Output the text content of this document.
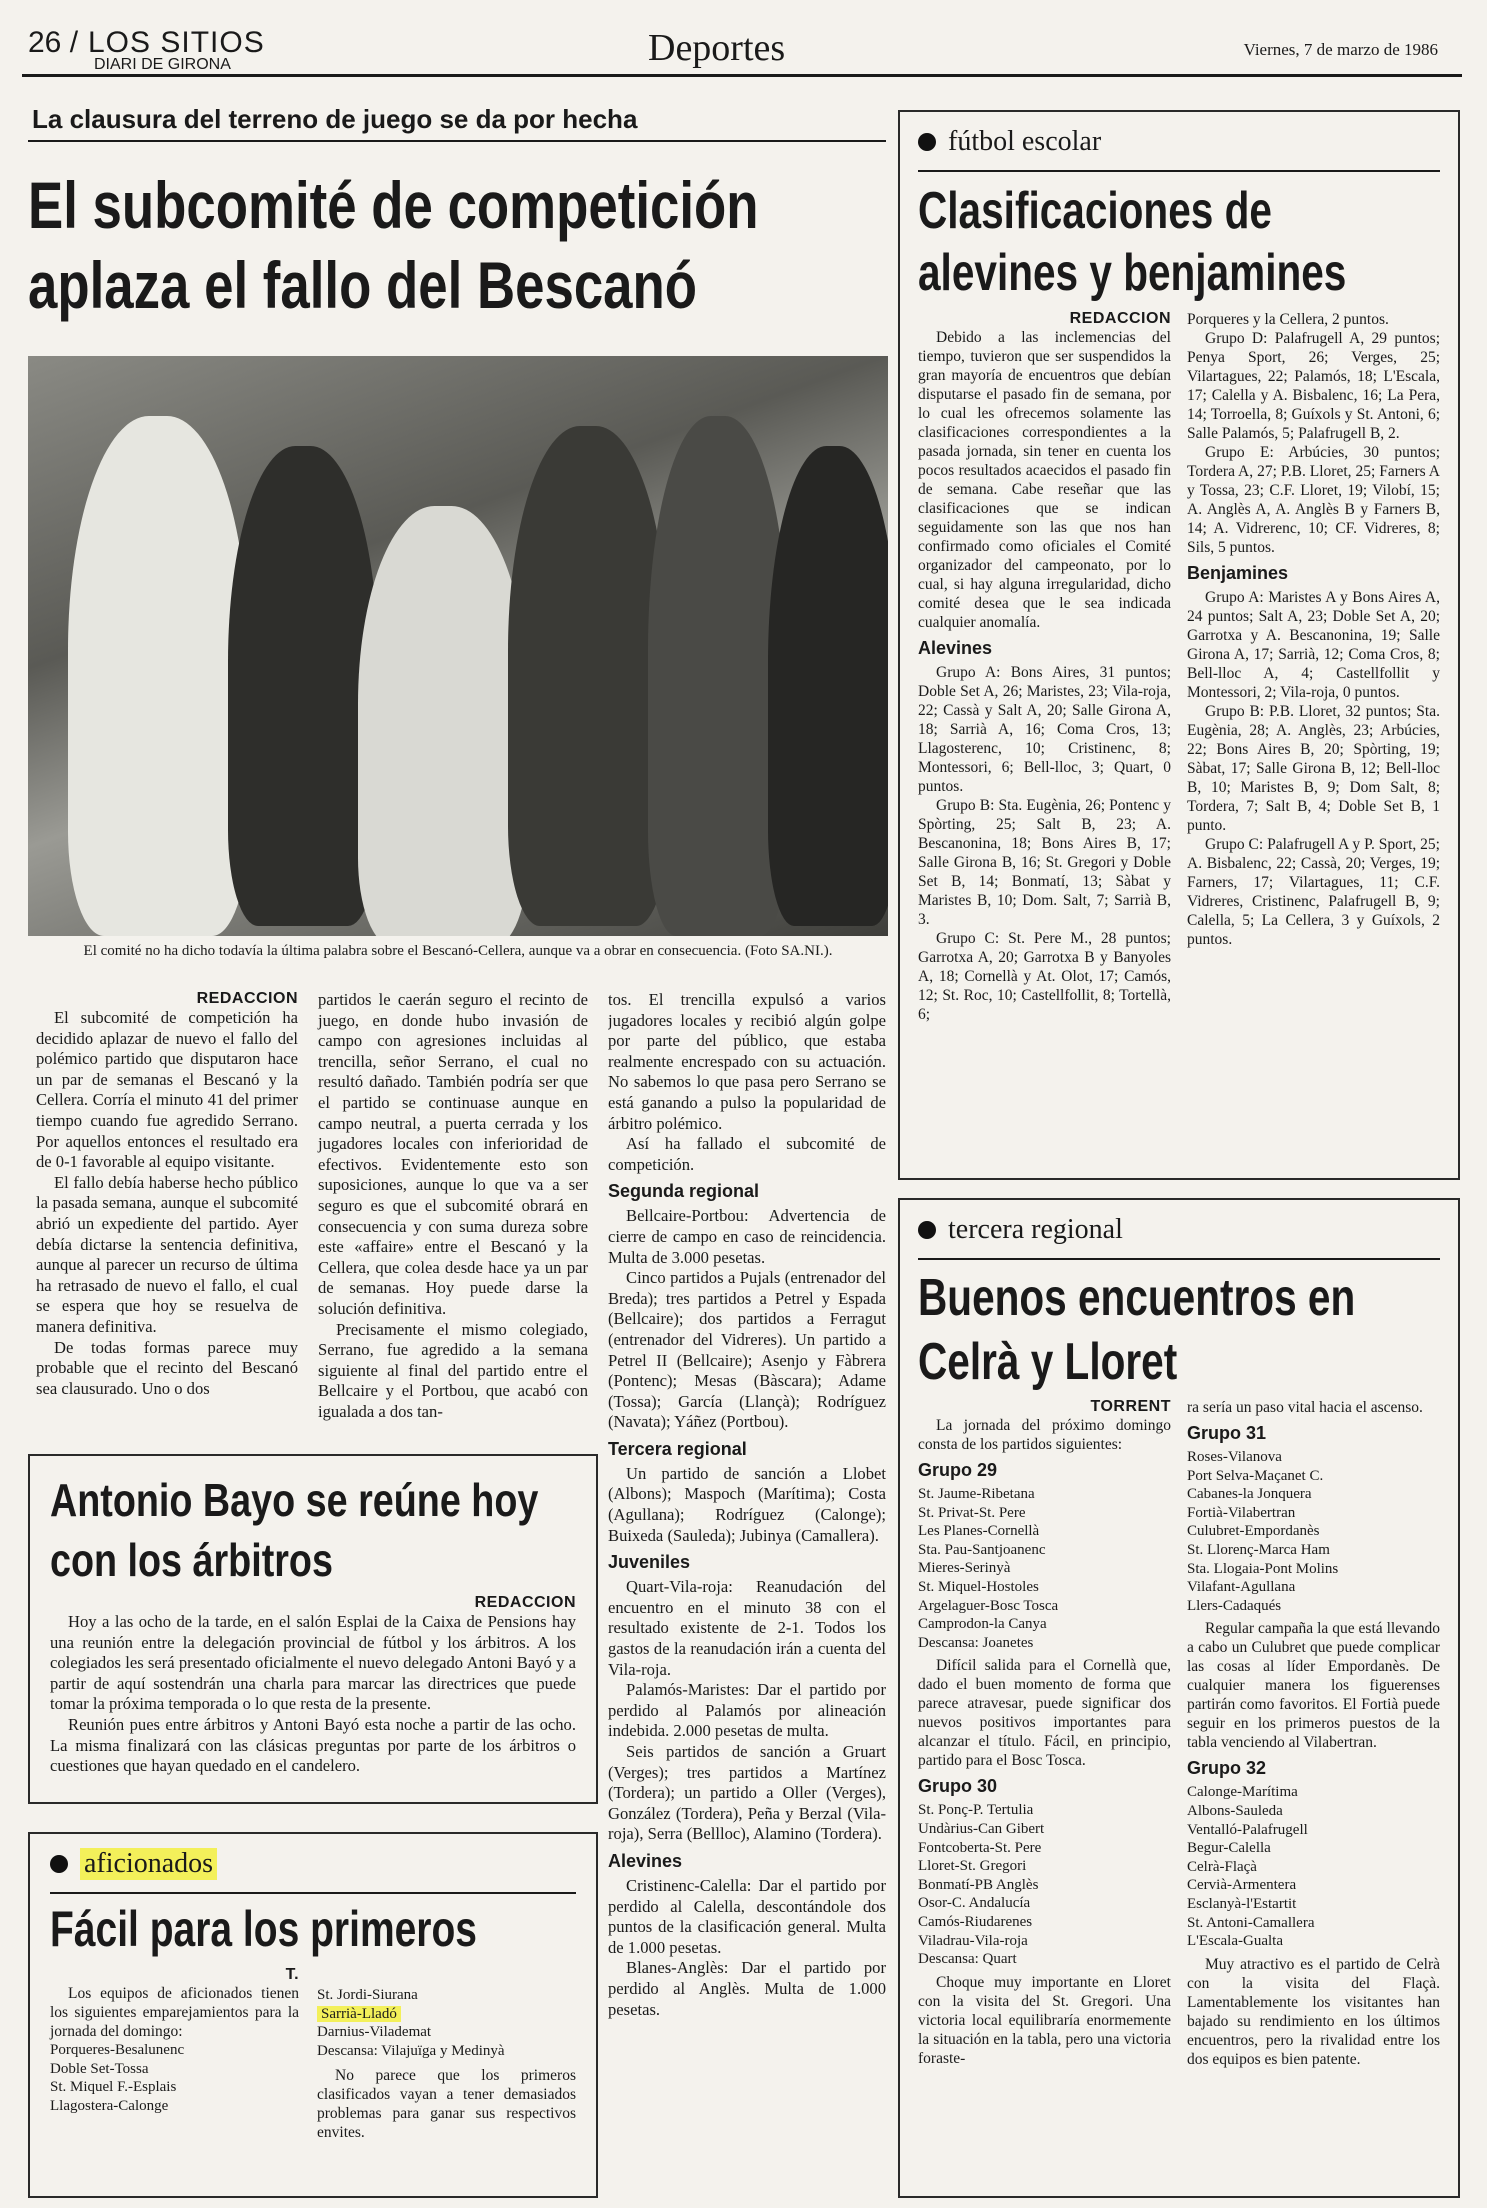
26 / LOS SITIOS
DIARI DE GIRONA	Deportes	Viernes, 7 de marzo de 1986
La clausura del terreno de juego se da por hecha
El subcomité de competición
aplaza el fallo del Bescanó
El comité no ha dicho todavía la última palabra sobre el Bescanó-Cellera, aunque va a obrar en consecuencia. (Foto SA.NI.).
REDACCION

El subcomité de competición ha decidido aplazar de nuevo el fallo del polémico partido que disputaron hace un par de semanas el Bescanó y la Cellera. Corría el minuto 41 del primer tiempo cuando fue agredido Serrano. Por aquellos entonces el resultado era de 0-1 favorable al equipo visitante.

El fallo debía haberse hecho público la pasada semana, aunque el subcomité abrió un expediente del partido. Ayer debía dictarse la sentencia definitiva, aunque al parecer un recurso de última ha retrasado de nuevo el fallo, el cual se espera que hoy se resuelva de manera definitiva.

De todas formas parece muy probable que el recinto del Bescanó sea clausurado. Uno o dos

partidos le caerán seguro el recinto de juego, en donde hubo invasión de campo con agresiones incluidas al trencilla, señor Serrano, el cual no resultó dañado. También podría ser que el partido se continuase aunque en campo neutral, a puerta cerrada y los jugadores locales con inferioridad de efectivos. Evidentemente esto son suposiciones, aunque lo que va a ser seguro es que el subcomité obrará en consecuencia y con suma dureza sobre este «affaire» entre el Bescanó y la Cellera, que colea desde hace ya un par de semanas. Hoy puede darse la solución definitiva.

Precisamente el mismo colegiado, Serrano, fue agredido a la semana siguiente al final del partido entre el Bellcaire y el Portbou, que acabó con igualada a dos tan-

tos. El trencilla expulsó a varios jugadores locales y recibió algún golpe por parte del público, que estaba realmente encrespado con su actuación. No sabemos lo que pasa pero Serrano se está ganando a pulso la popularidad de árbitro polémico.

Así ha fallado el subcomité de competición.

Segunda regional

Bellcaire-Portbou: Advertencia de cierre de campo en caso de reincidencia. Multa de 3.000 pesetas.

Cinco partidos a Pujals (entrenador del Breda); tres partidos a Petrel y Espada (Bellcaire); dos partidos a Ferragut (entrenador del Vidreres). Un partido a Petrel II (Bellcaire); Asenjo y Fàbrera (Pontenc); Mesas (Bàscara); Adame (Tossa); García (Llançà); Rodríguez (Navata); Yáñez (Portbou).

Tercera regional

Un partido de sanción a Llobet (Albons); Maspoch (Marítima); Costa (Agullana); Rodríguez (Calonge); Buixeda (Sauleda); Jubinya (Camallera).

Juveniles

Quart-Vila-roja: Reanudación del encuentro en el minuto 38 con el resultado existente de 2-1. Todos los gastos de la reanudación irán a cuenta del Vila-roja.

Palamós-Maristes: Dar el partido por perdido al Palamós por alineación indebida. 2.000 pesetas de multa.

Seis partidos de sanción a Gruart (Verges); tres partidos a Martínez (Tordera); un partido a Oller (Verges), González (Tordera), Peña y Berzal (Vila-roja), Serra (Bellloc), Alamino (Tordera).

Alevines

Cristinenc-Calella: Dar el partido por perdido al Calella, descontándole dos puntos de la clasificación general. Multa de 1.000 pesetas.

Blanes-Anglès: Dar el partido por perdido al Anglès. Multa de 1.000 pesetas.

Antonio Bayo se reúne hoy
con los árbitros
REDACCION

Hoy a las ocho de la tarde, en el salón Esplai de la Caixa de Pensions hay una reunión entre la delegación provincial de fútbol y los árbitros. A los colegiados les será presentado oficialmente el nuevo delegado Antoni Bayó y a partir de aquí sostendrán una charla para marcar las directrices que puede tomar la próxima temporada o lo que resta de la presente.

Reunión pues entre árbitros y Antoni Bayó esta noche a partir de las ocho. La misma finalizará con las clásicas preguntas por parte de los árbitros o cuestiones que hayan quedado en el candelero.

aficionados
Fácil para los primeros
T.

Los equipos de aficionados tienen los siguientes emparejamientos para la jornada del domingo:

Porqueres-Besalunenc
Doble Set-Tossa
St. Miquel F.-Esplais
Llagostera-Calonge
St. Jordi-Siurana
Sarrià-Lladó
Darnius-Vilademat
Descansa: Vilajuïga y Medinyà

No parece que los primeros clasificados vayan a tener demasiados problemas para ganar sus respectivos envites.

fútbol escolar
Clasificaciones de
alevines y benjamines
REDACCION

Debido a las inclemencias del tiempo, tuvieron que ser suspendidos la gran mayoría de encuentros que debían disputarse el pasado fin de semana, por lo cual les ofrecemos solamente las clasificaciones correspondientes a la pasada jornada, sin tener en cuenta los pocos resultados acaecidos el pasado fin de semana. Cabe reseñar que las clasificaciones que se indican seguidamente son las que nos han confirmado como oficiales el Comité organizador del campeonato, por lo cual, si hay alguna irregularidad, dicho comité desea que le sea indicada cualquier anomalía.

Alevines

Grupo A: Bons Aires, 31 puntos; Doble Set A, 26; Maristes, 23; Vila-roja, 22; Cassà y Salt A, 20; Salle Girona A, 18; Sarrià A, 16; Coma Cros, 13; Llagosterenc, 10; Cristinenc, 8; Montessori, 6; Bell-lloc, 3; Quart, 0 puntos.

Grupo B: Sta. Eugènia, 26; Pontenc y Spòrting, 25; Salt B, 23; A. Bescanonina, 18; Bons Aires B, 17; Salle Girona B, 16; St. Gregori y Doble Set B, 14; Bonmatí, 13; Sàbat y Maristes B, 10; Dom. Salt, 7; Sarrià B, 3.

Grupo C: St. Pere M., 28 puntos; Garrotxa A, 20; Garrotxa B y Banyoles A, 18; Cornellà y At. Olot, 17; Camós, 12; St. Roc, 10; Castellfollit, 8; Tortellà, 6;

Porqueres y la Cellera, 2 puntos.

Grupo D: Palafrugell A, 29 puntos; Penya Sport, 26; Verges, 25; Vilartagues, 22; Palamós, 18; L'Escala, 17; Calella y A. Bisbalenc, 16; La Pera, 14; Torroella, 8; Guíxols y St. Antoni, 6; Salle Palamós, 5; Palafrugell B, 2.

Grupo E: Arbúcies, 30 puntos; Tordera A, 27; P.B. Lloret, 25; Farners A y Tossa, 23; C.F. Lloret, 19; Vilobí, 15; A. Anglès A, A. Anglès B y Farners B, 14; A. Vidrerenc, 10; CF. Vidreres, 8; Sils, 5 puntos.

Benjamines

Grupo A: Maristes A y Bons Aires A, 24 puntos; Salt A, 23; Doble Set A, 20; Garrotxa y A. Bescanonina, 19; Salle Girona A, 17; Sarrià, 12; Coma Cros, 8; Bell-lloc A, 4; Castellfollit y Montessori, 2; Vila-roja, 0 puntos.

Grupo B: P.B. Lloret, 32 puntos; Sta. Eugènia, 28; A. Anglès, 23; Arbúcies, 22; Bons Aires B, 20; Spòrting, 19; Sàbat, 17; Salle Girona B, 12; Bell-lloc B, 10; Maristes B, 9; Dom Salt, 8; Tordera, 7; Salt B, 4; Doble Set B, 1 punto.

Grupo C: Palafrugell A y P. Sport, 25; A. Bisbalenc, 22; Cassà, 20; Verges, 19; Farners, 17; Vilartagues, 11; C.F. Vidreres, Cristinenc, Palafrugell B, 9; Calella, 5; La Cellera, 3 y Guíxols, 2 puntos.

tercera regional
Buenos encuentros en
Celrà y Lloret
TORRENT

La jornada del próximo domingo consta de los partidos siguientes:

Grupo 29
St. Jaume-Ribetana
St. Privat-St. Pere
Les Planes-Cornellà
Sta. Pau-Santjoanenc
Mieres-Serinyà
St. Miquel-Hostoles
Argelaguer-Bosc Tosca
Camprodon-la Canya
Descansa: Joanetes

Difícil salida para el Cornellà que, dado el buen momento de forma que parece atravesar, puede significar dos nuevos positivos importantes para alcanzar el título. Fácil, en principio, partido para el Bosc Tosca.

Grupo 30
St. Ponç-P. Tertulia
Undàrius-Can Gibert
Fontcoberta-St. Pere
Lloret-St. Gregori
Bonmatí-PB Anglès
Osor-C. Andalucía
Camós-Riudarenes
Viladrau-Vila-roja
Descansa: Quart

Choque muy importante en Lloret con la visita del St. Gregori. Una victoria local equilibraría enormemente la situación en la tabla, pero una victoria foraste-

ra sería un paso vital hacia el ascenso.

Grupo 31
Roses-Vilanova
Port Selva-Maçanet C.
Cabanes-la Jonquera
Fortià-Vilabertran
Culubret-Empordanès
St. Llorenç-Marca Ham
Sta. Llogaia-Pont Molins
Vilafant-Agullana
Llers-Cadaqués

Regular campaña la que está llevando a cabo un Culubret que puede complicar las cosas al líder Empordanès. De cualquier manera los figuerenses partirán como favoritos. El Fortià puede seguir en los primeros puestos de la tabla venciendo al Vilabertran.

Grupo 32
Calonge-Marítima
Albons-Sauleda
Ventalló-Palafrugell
Begur-Calella
Celrà-Flaçà
Cervià-Armentera
Esclanyà-l'Estartit
St. Antoni-Camallera
L'Escala-Gualta

Muy atractivo es el partido de Celrà con la visita del Flaçà. Lamentablemente los visitantes han bajado su rendimiento en los últimos encuentros, pero la rivalidad entre los dos equipos es bien patente.
